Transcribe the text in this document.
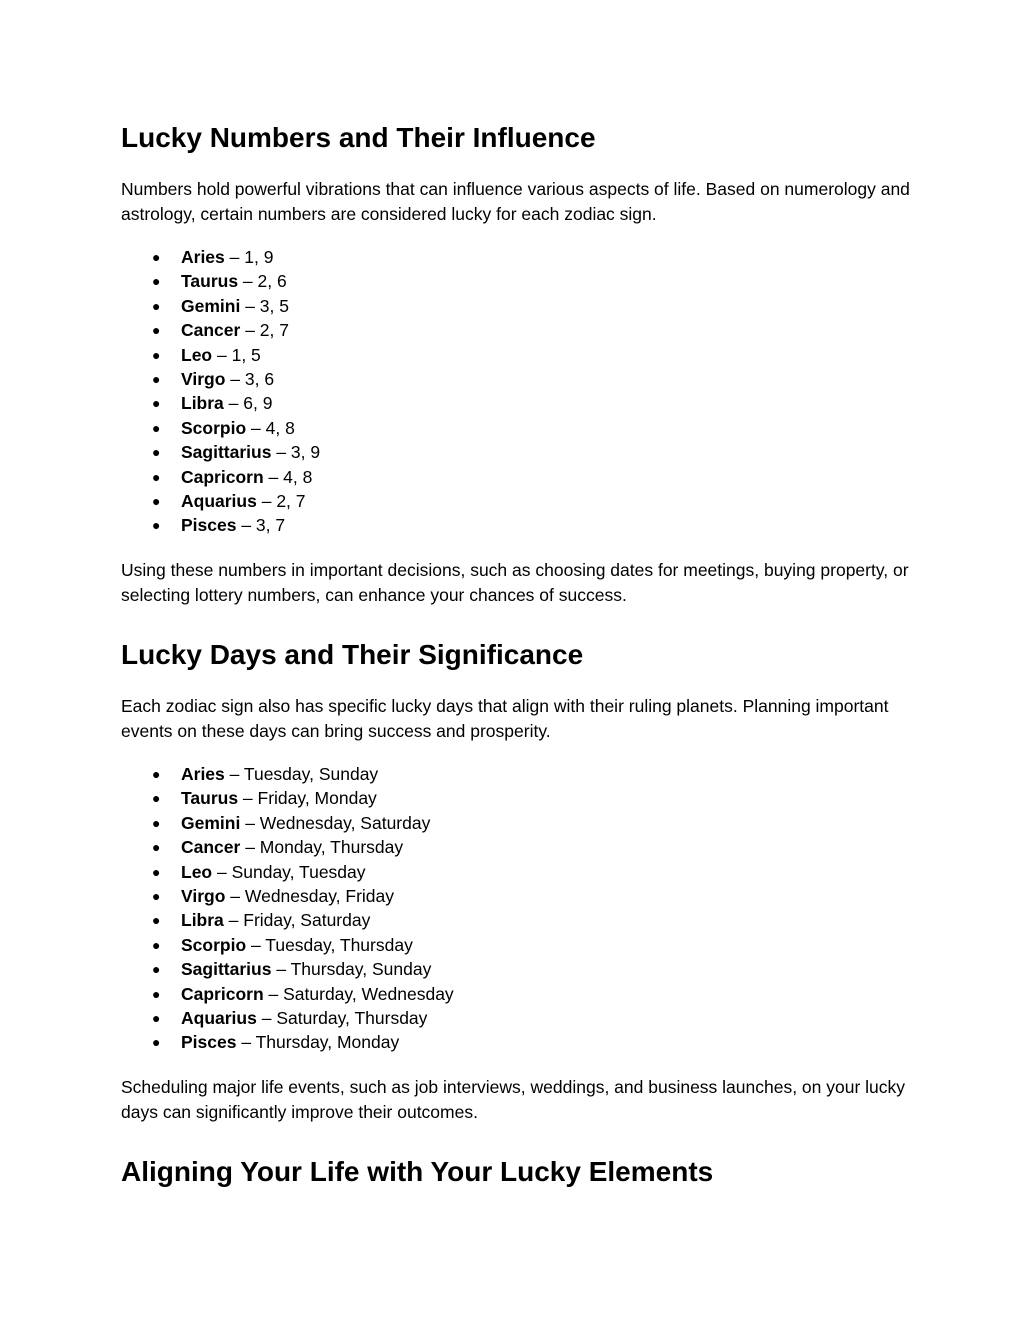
Lucky Numbers and Their Influence

Numbers hold powerful vibrations that can influence various aspects of life. Based on numerology and astrology, certain numbers are considered lucky for each zodiac sign.

● Aries – 1, 9
● Taurus – 2, 6
● Gemini – 3, 5
● Cancer – 2, 7
● Leo – 1, 5
● Virgo – 3, 6
● Libra – 6, 9
● Scorpio – 4, 8
● Sagittarius – 3, 9
● Capricorn – 4, 8
● Aquarius – 2, 7
● Pisces – 3, 7

Using these numbers in important decisions, such as choosing dates for meetings, buying property, or selecting lottery numbers, can enhance your chances of success.

Lucky Days and Their Significance

Each zodiac sign also has specific lucky days that align with their ruling planets. Planning important events on these days can bring success and prosperity.

● Aries – Tuesday, Sunday
● Taurus – Friday, Monday
● Gemini – Wednesday, Saturday
● Cancer – Monday, Thursday
● Leo – Sunday, Tuesday
● Virgo – Wednesday, Friday
● Libra – Friday, Saturday
● Scorpio – Tuesday, Thursday
● Sagittarius – Thursday, Sunday
● Capricorn – Saturday, Wednesday
● Aquarius – Saturday, Thursday
● Pisces – Thursday, Monday

Scheduling major life events, such as job interviews, weddings, and business launches, on your lucky days can significantly improve their outcomes.

Aligning Your Life with Your Lucky Elements
